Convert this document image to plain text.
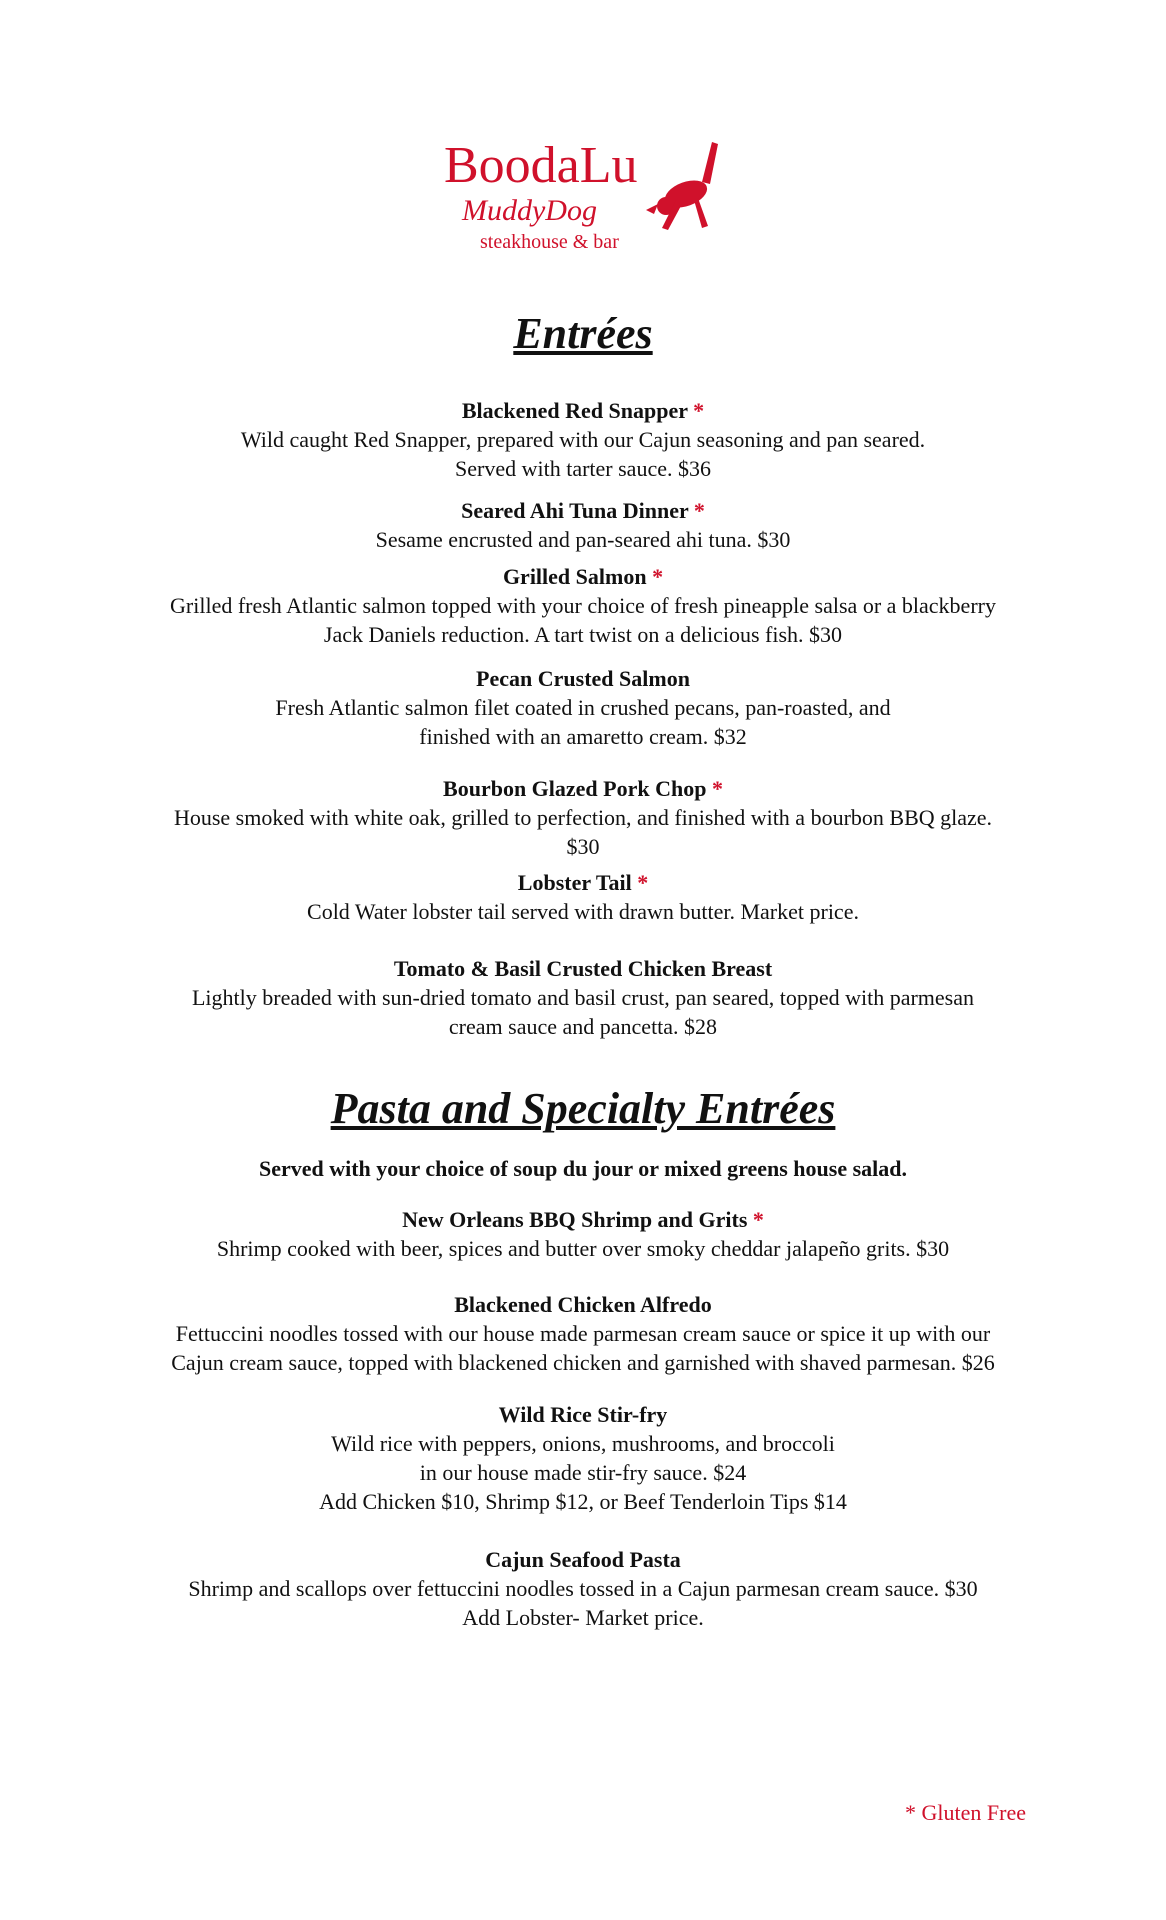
BoodaLu
MuddyDog
steakhouse & bar
Entrées
Blackened Red Snapper *
Wild caught Red Snapper, prepared with our Cajun seasoning and pan seared.
Served with tarter sauce. $36
Seared Ahi Tuna Dinner *
Sesame encrusted and pan-seared ahi tuna. $30
Grilled Salmon *
Grilled fresh Atlantic salmon topped with your choice of fresh pineapple salsa or a blackberry
Jack Daniels reduction. A tart twist on a delicious fish. $30
Pecan Crusted Salmon
Fresh Atlantic salmon filet coated in crushed pecans, pan-roasted, and
finished with an amaretto cream. $32
Bourbon Glazed Pork Chop *
House smoked with white oak, grilled to perfection, and finished with a bourbon BBQ glaze.
$30
Lobster Tail *
Cold Water lobster tail served with drawn butter. Market price.
Tomato & Basil Crusted Chicken Breast
Lightly breaded with sun-dried tomato and basil crust, pan seared, topped with parmesan
cream sauce and pancetta. $28
Pasta and Specialty Entrées
Served with your choice of soup du jour or mixed greens house salad.
New Orleans BBQ Shrimp and Grits *
Shrimp cooked with beer, spices and butter over smoky cheddar jalapeño grits. $30
Blackened Chicken Alfredo
Fettuccini noodles tossed with our house made parmesan cream sauce or spice it up with our
Cajun cream sauce, topped with blackened chicken and garnished with shaved parmesan. $26
Wild Rice Stir-fry
Wild rice with peppers, onions, mushrooms, and broccoli
in our house made stir-fry sauce. $24
Add Chicken $10, Shrimp $12, or Beef Tenderloin Tips $14
Cajun Seafood Pasta
Shrimp and scallops over fettuccini noodles tossed in a Cajun parmesan cream sauce. $30
Add Lobster- Market price.
* Gluten Free
